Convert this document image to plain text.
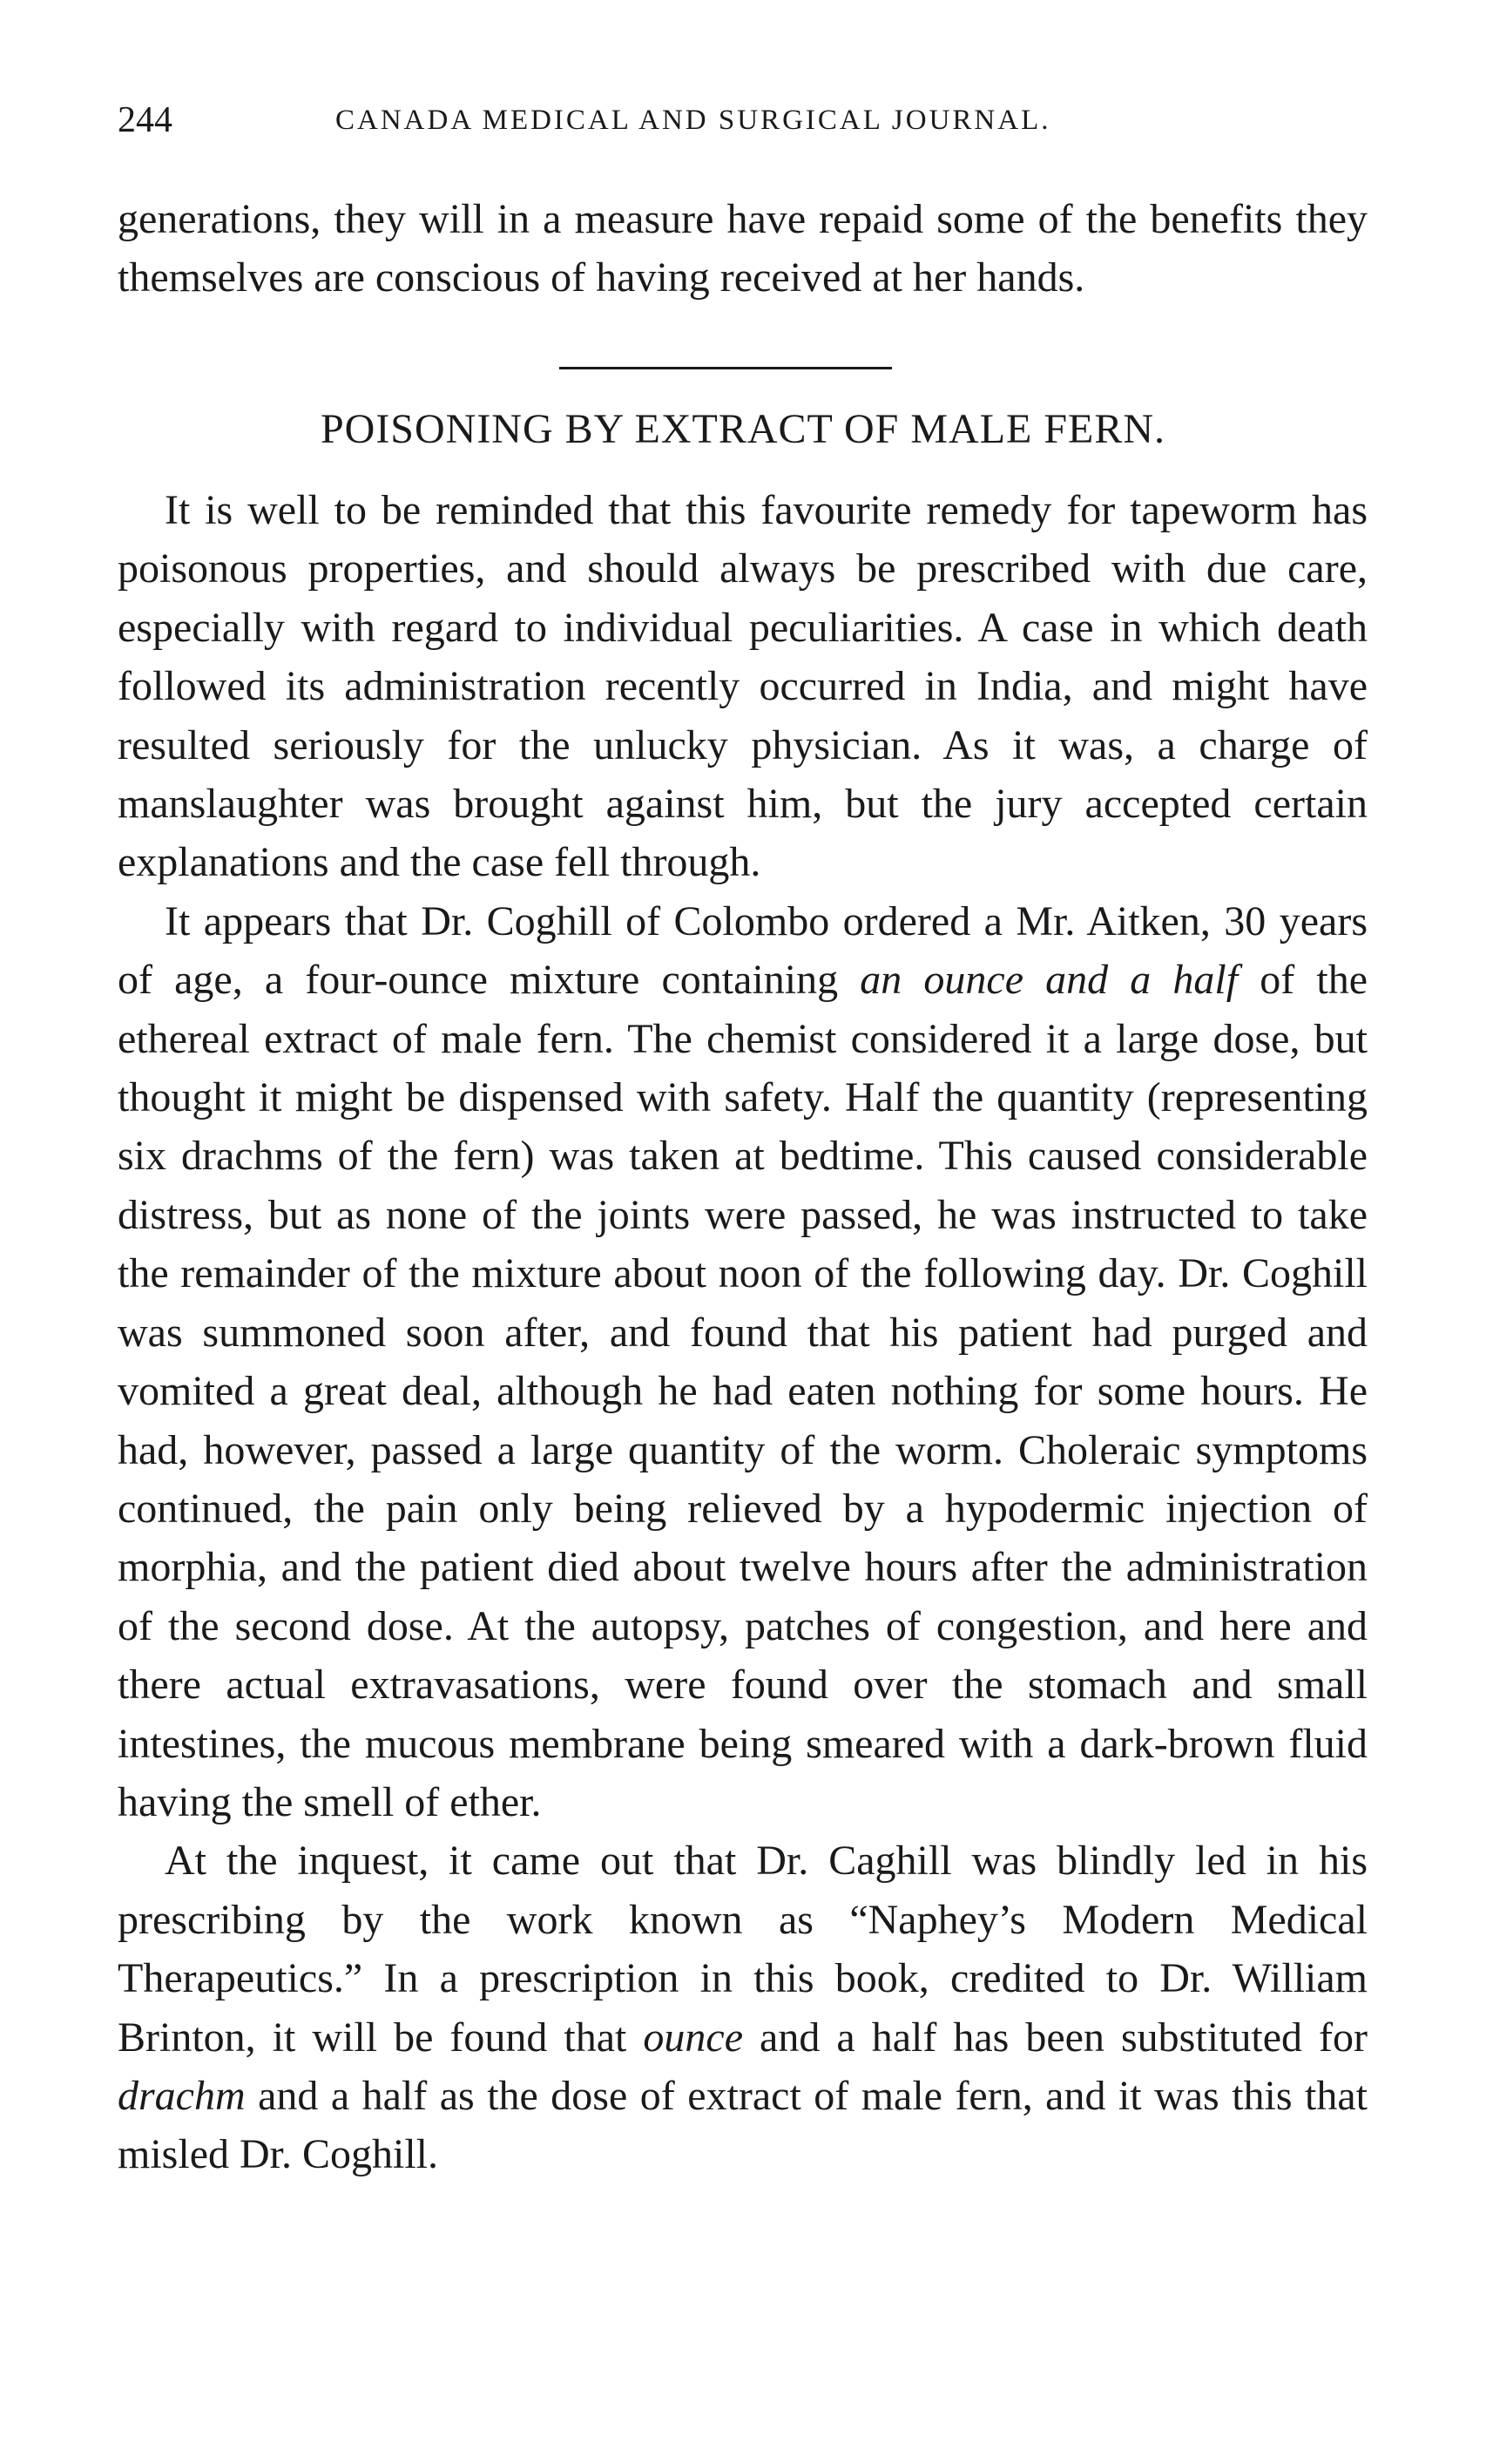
244	CANADA MEDICAL AND SURGICAL JOURNAL.

generations, they will in a measure have repaid some of the benefits they themselves are conscious of having received at her hands.

POISONING BY EXTRACT OF MALE FERN.

It is well to be reminded that this favourite remedy for tapeworm has poisonous properties, and should always be prescribed with due care, especially with regard to individual peculiarities. A case in which death followed its administration recently occurred in India, and might have resulted seriously for the unlucky physician. As it was, a charge of manslaughter was brought against him, but the jury accepted certain explanations and the case fell through.

It appears that Dr. Coghill of Colombo ordered a Mr. Aitken, 30 years of age, a four-ounce mixture containing an ounce and a half of the ethereal extract of male fern. The chemist considered it a large dose, but thought it might be dispensed with safety. Half the quantity (representing six drachms of the fern) was taken at bedtime. This caused considerable distress, but as none of the joints were passed, he was instructed to take the remainder of the mixture about noon of the following day. Dr. Coghill was summoned soon after, and found that his patient had purged and vomited a great deal, although he had eaten nothing for some hours. He had, however, passed a large quantity of the worm. Choleraic symptoms continued, the pain only being relieved by a hypodermic injection of morphia, and the patient died about twelve hours after the administration of the second dose. At the autopsy, patches of congestion, and here and there actual extravasations, were found over the stomach and small intestines, the mucous membrane being smeared with a dark-brown fluid having the smell of ether.

At the inquest, it came out that Dr. Caghill was blindly led in his prescribing by the work known as “Naphey’s Modern Medical Therapeutics.” In a prescription in this book, credited to Dr. William Brinton, it will be found that ounce and a half has been substituted for drachm and a half as the dose of extract of male fern, and it was this that misled Dr. Coghill.
